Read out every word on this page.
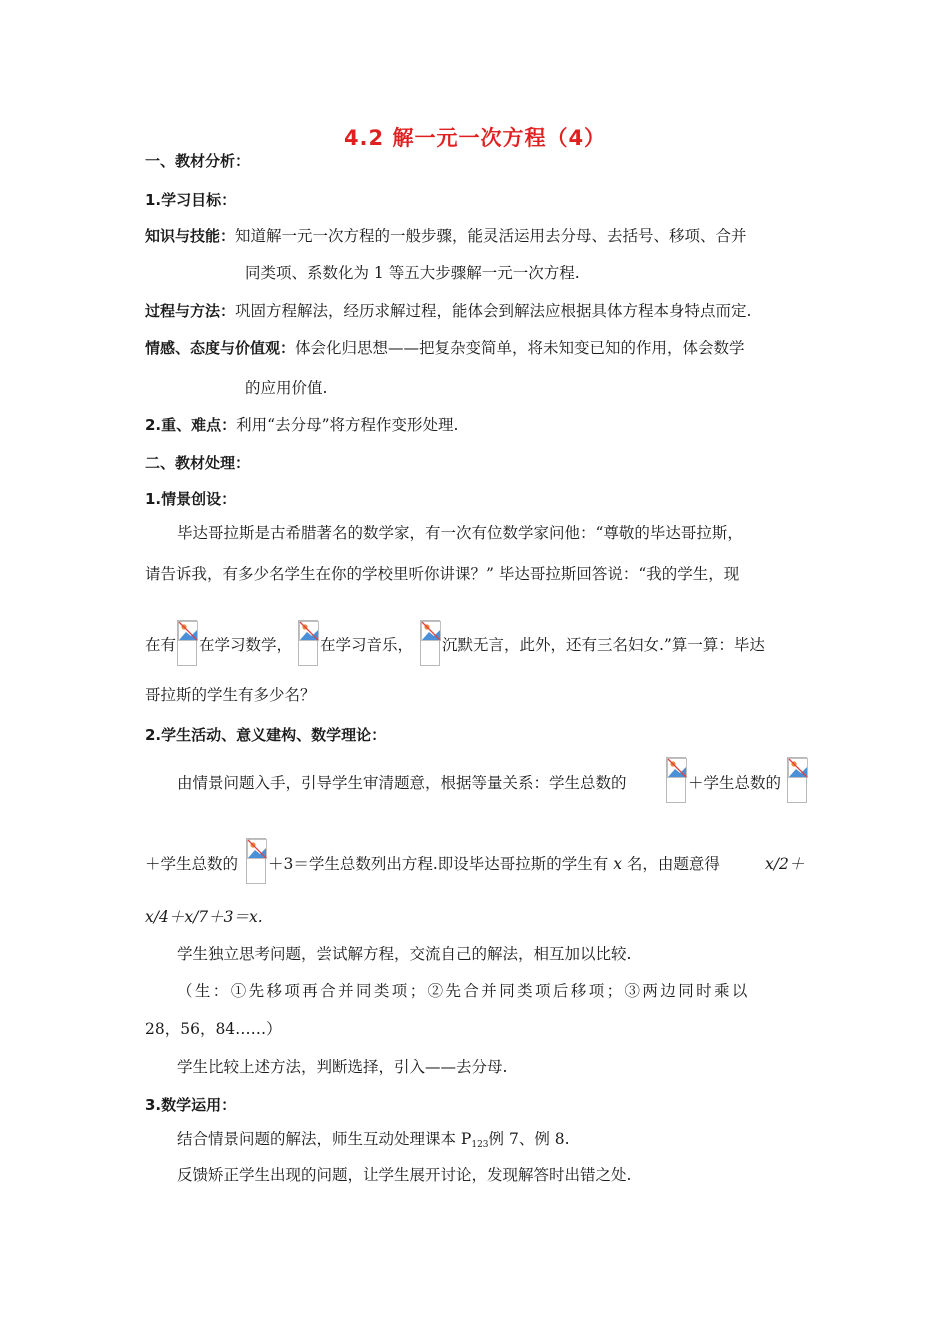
4.2 解一元一次方程（4）
一、教材分析：
1.学习目标：
知识与技能：知道解一元一次方程的一般步骤，能灵活运用去分母、去括号、移项、合并
同类项、系数化为 1 等五大步骤解一元一次方程.
过程与方法：巩固方程解法，经历求解过程，能体会到解法应根据具体方程本身特点而定.
情感、态度与价值观：体会化归思想——把复杂变简单，将未知变已知的作用，体会数学
的应用价值.
2.重、难点：利用“去分母”将方程作变形处理.
二、教材处理：
1.情景创设：
毕达哥拉斯是古希腊著名的数学家，有一次有位数学家问他：“尊敬的毕达哥拉斯，
请告诉我，有多少名学生在你的学校里听你讲课？” 毕达哥拉斯回答说：“我的学生，现
在有 在学习数学， 在学习音乐， 沉默无言，此外，还有三名妇女.”算一算：毕达
哥拉斯的学生有多少名？
2.学生活动、意义建构、数学理论：
由情景问题入手，引导学生审清题意，根据等量关系：学生总数的	＋学生总数的
＋学生总数的 ＋3＝学生总数列出方程.即设毕达哥拉斯的学生有 x 名，由题意得	x/2＋
x/4＋x/7＋3＝x.
学生独立思考问题，尝试解方程，交流自己的解法，相互加以比较.
（生：①先移项再合并同类项；②先合并同类项后移项；③两边同时乘以
28，56，84……）
学生比较上述方法，判断选择，引入——去分母.
3.数学运用：
结合情景问题的解法，师生互动处理课本 $P_{123}$例 7、例 8.
反馈矫正学生出现的问题，让学生展开讨论，发现解答时出错之处.
